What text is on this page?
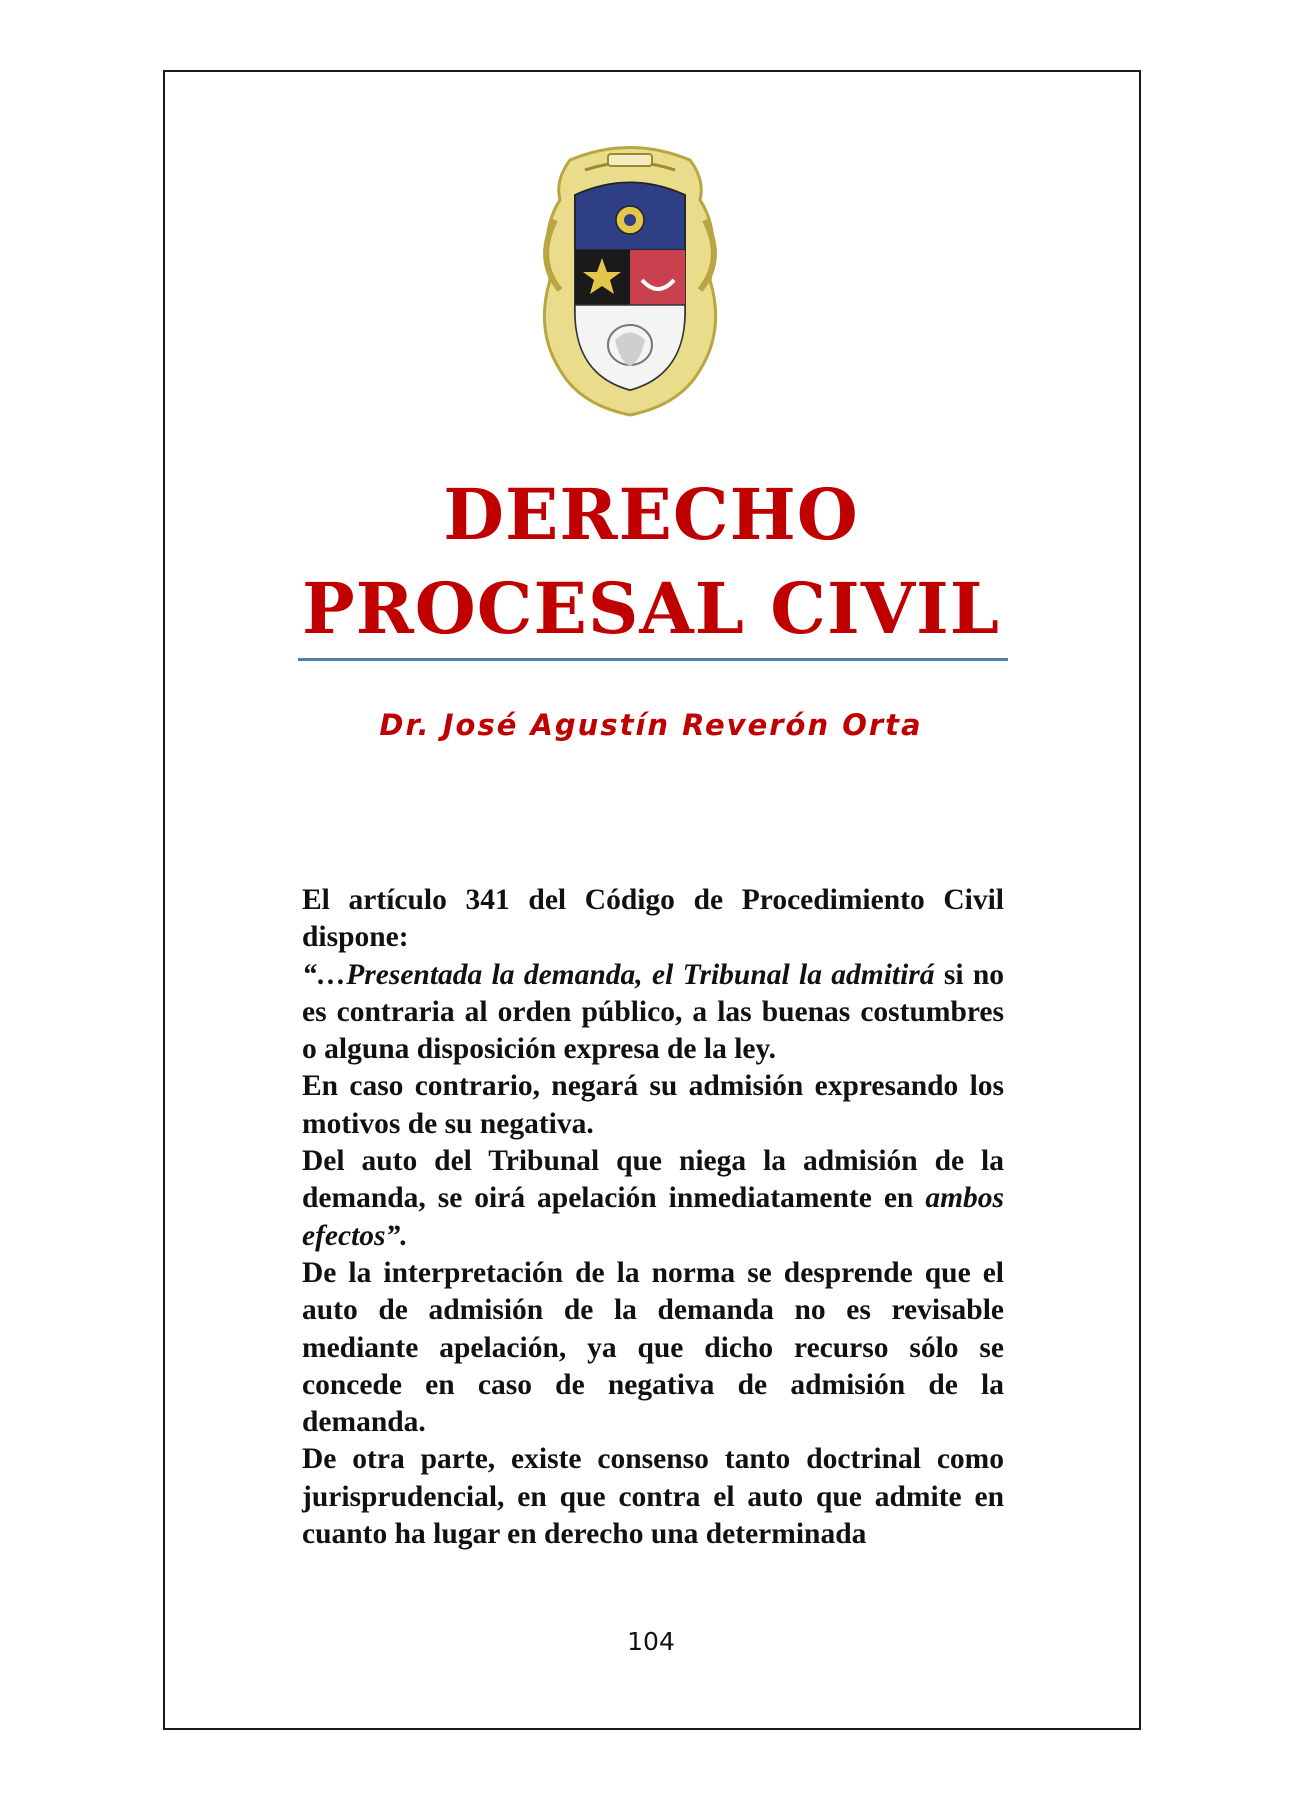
DERECHO
PROCESAL CIVIL
Dr. José Agustín Reverón Orta

El artículo 341 del Código de Procedimiento Civil dispone:

“…Presentada la demanda, el Tribunal la admitirá si no es contraria al orden público, a las buenas costumbres o alguna disposición expresa de la ley.

En caso contrario, negará su admisión expresando los motivos de su negativa.

Del auto del Tribunal que niega la admisión de la demanda, se oirá apelación inmediatamente en ambos efectos”.

De la interpretación de la norma se desprende que el auto de admisión de la demanda no es revisable mediante apelación, ya que dicho recurso sólo se concede en caso de negativa de admisión de la demanda.

De otra parte, existe consenso tanto doctrinal como jurisprudencial, en que contra el auto que admite en cuanto ha lugar en derecho una determinada

104
